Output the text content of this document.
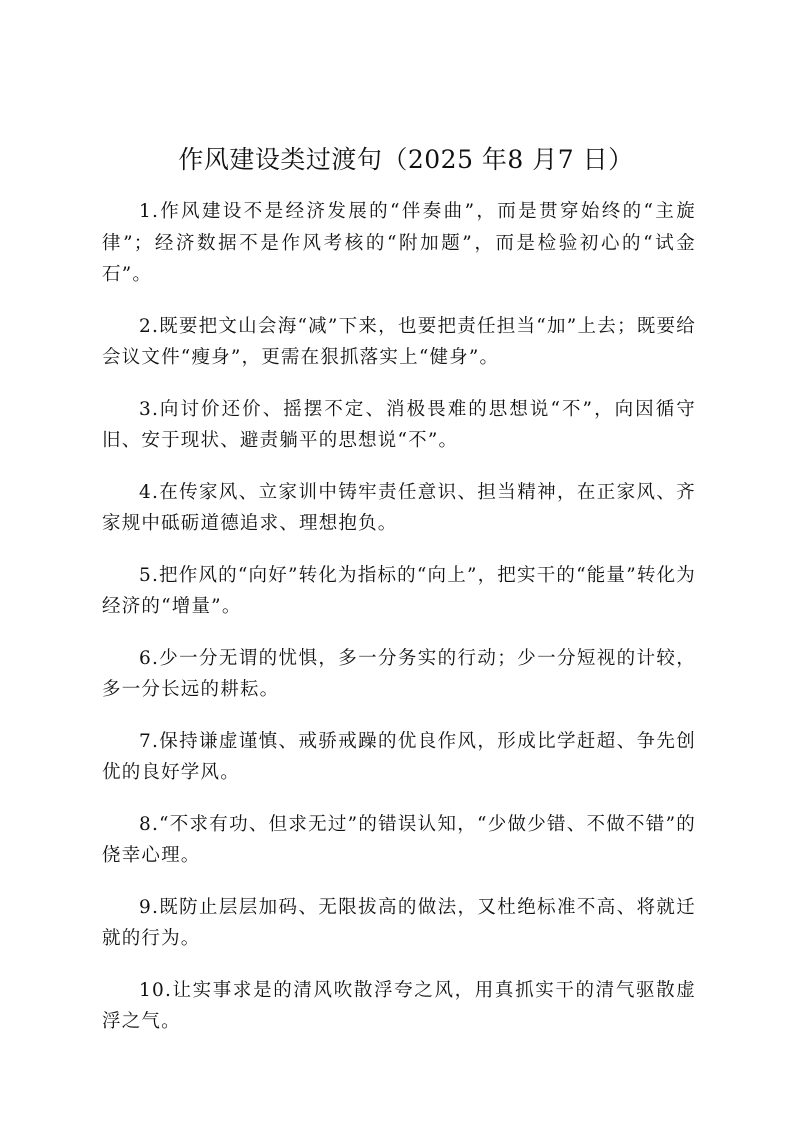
作风建设类过渡句（2025 年8 月7 日）

1.作风建设不是经济发展的“伴奏曲”，而是贯穿始终的“主旋律”；经济数据不是作风考核的“附加题”，而是检验初心的“试金石”。

2.既要把文山会海“减”下来，也要把责任担当“加”上去；既要给会议文件“瘦身”，更需在狠抓落实上“健身”。

3.向讨价还价、摇摆不定、消极畏难的思想说“不”，向因循守旧、安于现状、避责躺平的思想说“不”。

4.在传家风、立家训中铸牢责任意识、担当精神，在正家风、齐家规中砥砺道德追求、理想抱负。

5.把作风的“向好”转化为指标的“向上”，把实干的“能量”转化为经济的“增量”。

6.少一分无谓的忧惧，多一分务实的行动；少一分短视的计较，多一分长远的耕耘。

7.保持谦虚谨慎、戒骄戒躁的优良作风，形成比学赶超、争先创优的良好学风。

8.“不求有功、但求无过”的错误认知，“少做少错、不做不错”的侥幸心理。

9.既防止层层加码、无限拔高的做法，又杜绝标准不高、将就迁就的行为。

10.让实事求是的清风吹散浮夸之风，用真抓实干的清气驱散虚浮之气。
